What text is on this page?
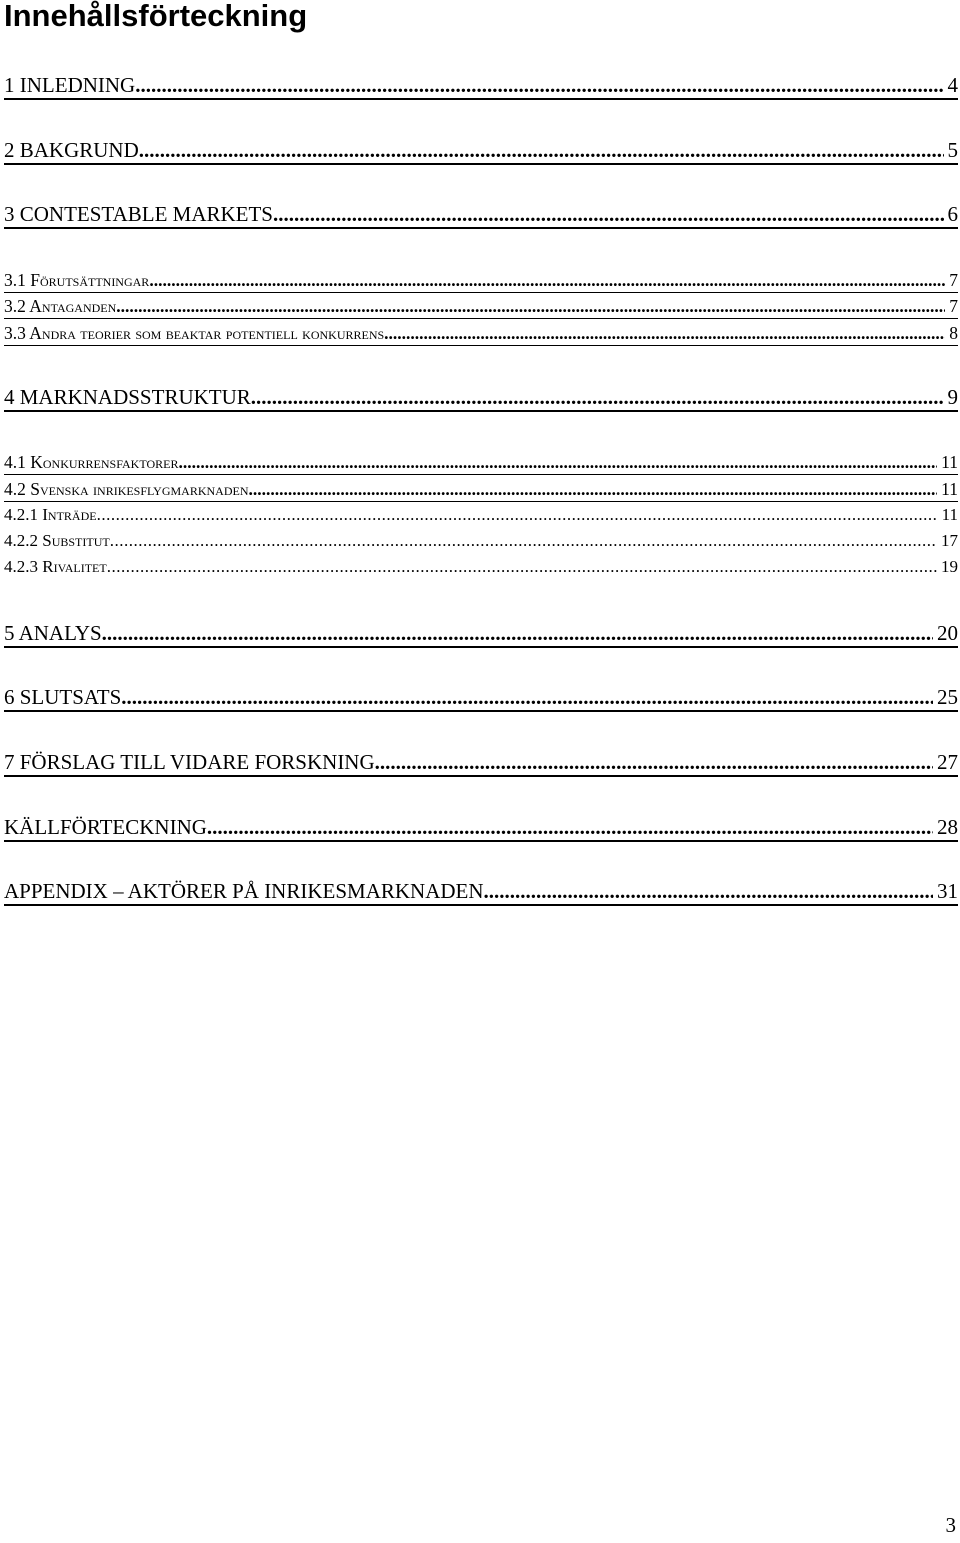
Innehållsförteckning
1 INLEDNING .....	4
2 BAKGRUND .....	5
3 CONTESTABLE MARKETS .....	6
3.1 Förutsättningar .....	7
3.2 Antaganden .....	7
3.3 Andra teorier som beaktar potentiell konkurrens .....	8
4 MARKNADSSTRUKTUR .....	9
4.1 Konkurrensfaktorer .....	11
4.2 Svenska inrikesflygmarknaden .....	11
4.2.1 Inträde .....	11
4.2.2 Substitut .....	17
4.2.3 Rivalitet .....	19
5 ANALYS .....	20
6 SLUTSATS .....	25
7 FÖRSLAG TILL VIDARE FORSKNING .....	27
KÄLLFÖRTECKNING .....	28
APPENDIX – AKTÖRER PÅ INRIKESMARKNADEN .....	31
3
